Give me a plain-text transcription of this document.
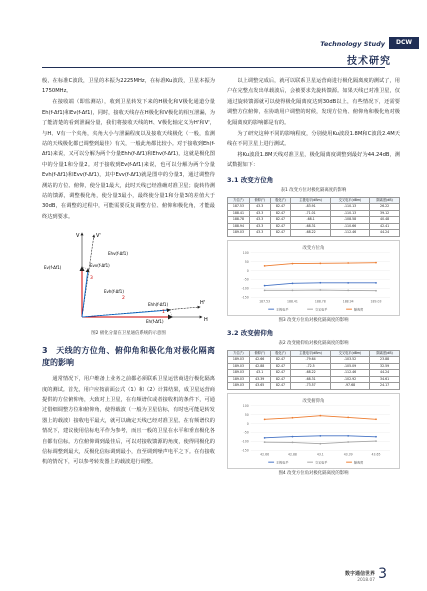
Technology Study	DCW
技术研究

般，在标准C波段，卫星的本振为2225MHz，在标准Ku波段，卫星本振为1750MHz。

在接收端（即监测站），收到卫星转发下来的H极化和V极化通道分量Eh(f-Δf1)和Ev(f-Δf1)，同时，接收天线存在H极化和V极化的相互泄漏，为了能清楚的看到泄漏分量，我们将接收天线的H、V极化轴定义为H'和V'，与H、V有一个夹角，夹角大小与泄漏程度以及接收天线极化（一般，监测站的天线极化都已调整到最佳）有关，一般此角都比较小。对于接收到Eh(f-Δf1)来说，又可以分解为两个分量Ehh(f-Δf1)和Ehv(f-Δf1)，这就是极化图中的分量1和分量2。对于接收到Ev(f-Δf1)来说，也可以分解为两个分量Evh(f-Δf1)和Evv(f-Δf1)，其中Evv(f-Δf1)就是图中的分量3，通过调整待测站的方位、俯仰，使分量1最大，此时天线已经准确对准卫星；旋转待测站的馈源，调整极化角，使分量3最小，最终使分量1和分量3的差值大于30dB，在调整的过程中，可能需要反复调整方位、俯仰和极化角，才能最终达到要求。

V	V'
H
H'
Ev(f-Δf1)
Eh(f-Δf1)
Evv(f-Δf1)
Ehv(f-Δf1)
Ehh(f-Δf1)
Evh(f-Δf1)
1
2
3
图2 极化分量在卫星通信系统的示意图
3　天线的方位角、俯仰角和极化角对极化隔离度的影响

通常情况下，用户维备上业务之前都必须联系卫星运营商进行极化隔离度的测试。首先，用户应按前面公式（1）和（2）计算结果，成卫星运营商提供的方位俯仰角，大致对上卫星，在有频谱仪或者接收机的条件下，可通过借细调整方位和俯仰角，使得载波（一般为卫星信标，有时也可能是转发器上的载波）接收电平最大，就可以确定天线已经对准卫星。在有频谱仪的情况下，建议使用信标电平作为参考，而且一般的卫星在水平和垂直极化各自都有信标。方位俯仰调到最佳后，可以对接收馈源的角度，使得同极化的信标调整到最大，反极化信标调到最小，直至调到噪声电平之下。在有接收机的情况下，可以参考转发器上的载波进行调整。

以上调整完成后，就可以联系卫星运营商进行极化隔离度的测试了，用户在完整点发出单载波后，会被要求先旋转馈源。如果天线已对准卫星，仅通过旋转馈源就可以使得极化隔离度达到30dB以上，有些情况下，还需要调整方位俯仰，在协助用户调整的时候，发现方位角、俯仰角和极化角对极化隔离度的影响都是有的。

为了研究这种不同的影响程度，分别使用Ku波段1.8M和C波段2.4M天线在不同卫星上进行测试。

将Ku波段1.8M天线对准卫星，极化隔离度调整到最好为44.24dB，测试数据如下：

3.1 改变方位角
表1 改变方位对极化隔离度的影响
方位(°)	俯仰(°)	极化(°)	主极电平(dBm)	交叉电平(dBm)	隔离度(dB)
187.53	43.3	82.47	-83.91	-110.13	26.22
188.41	43.3	82.47	-71.01	-110.13	39.12
188.78	43.3	82.47	-68.1	-108.58	40.48
188.94	43.3	82.47	-68.31	-110.66	42.41
189.03	43.3	82.47	-68.22	-112.46	44.24
改变方位角
-150
-100
-50
0
50
100
187.53	188.41	188.78	188.94	189.03
主极电平	交叉电平	隔离度
图3 改变方位角对极化隔离度的影响
3.2 改变俯仰角
表2 改变俯仰角对极化隔离度的影响
方位(°)	俯仰(°)	极化(°)	主极电平(dBm)	交叉电平(dBm)	隔离度(dB)
189.03	42.66	82.47	-79.64	-103.52	23.88
189.03	42.88	82.47	-72.5	-105.09	32.59
189.03	43.1	82.47	-68.22	-112.46	44.24
189.03	43.39	82.47	-68.31	-102.92	34.61
189.03	43.65	82.47	-73.57	-97.68	24.17
改变俯仰角
-150
-100
-50
0
50
100
42.66	42.88	43.1	43.39	43.65
主极电平	交叉电平	隔离度
图4 改变方位角对极化隔离度的影响
数字通信世界
2018.07 3
